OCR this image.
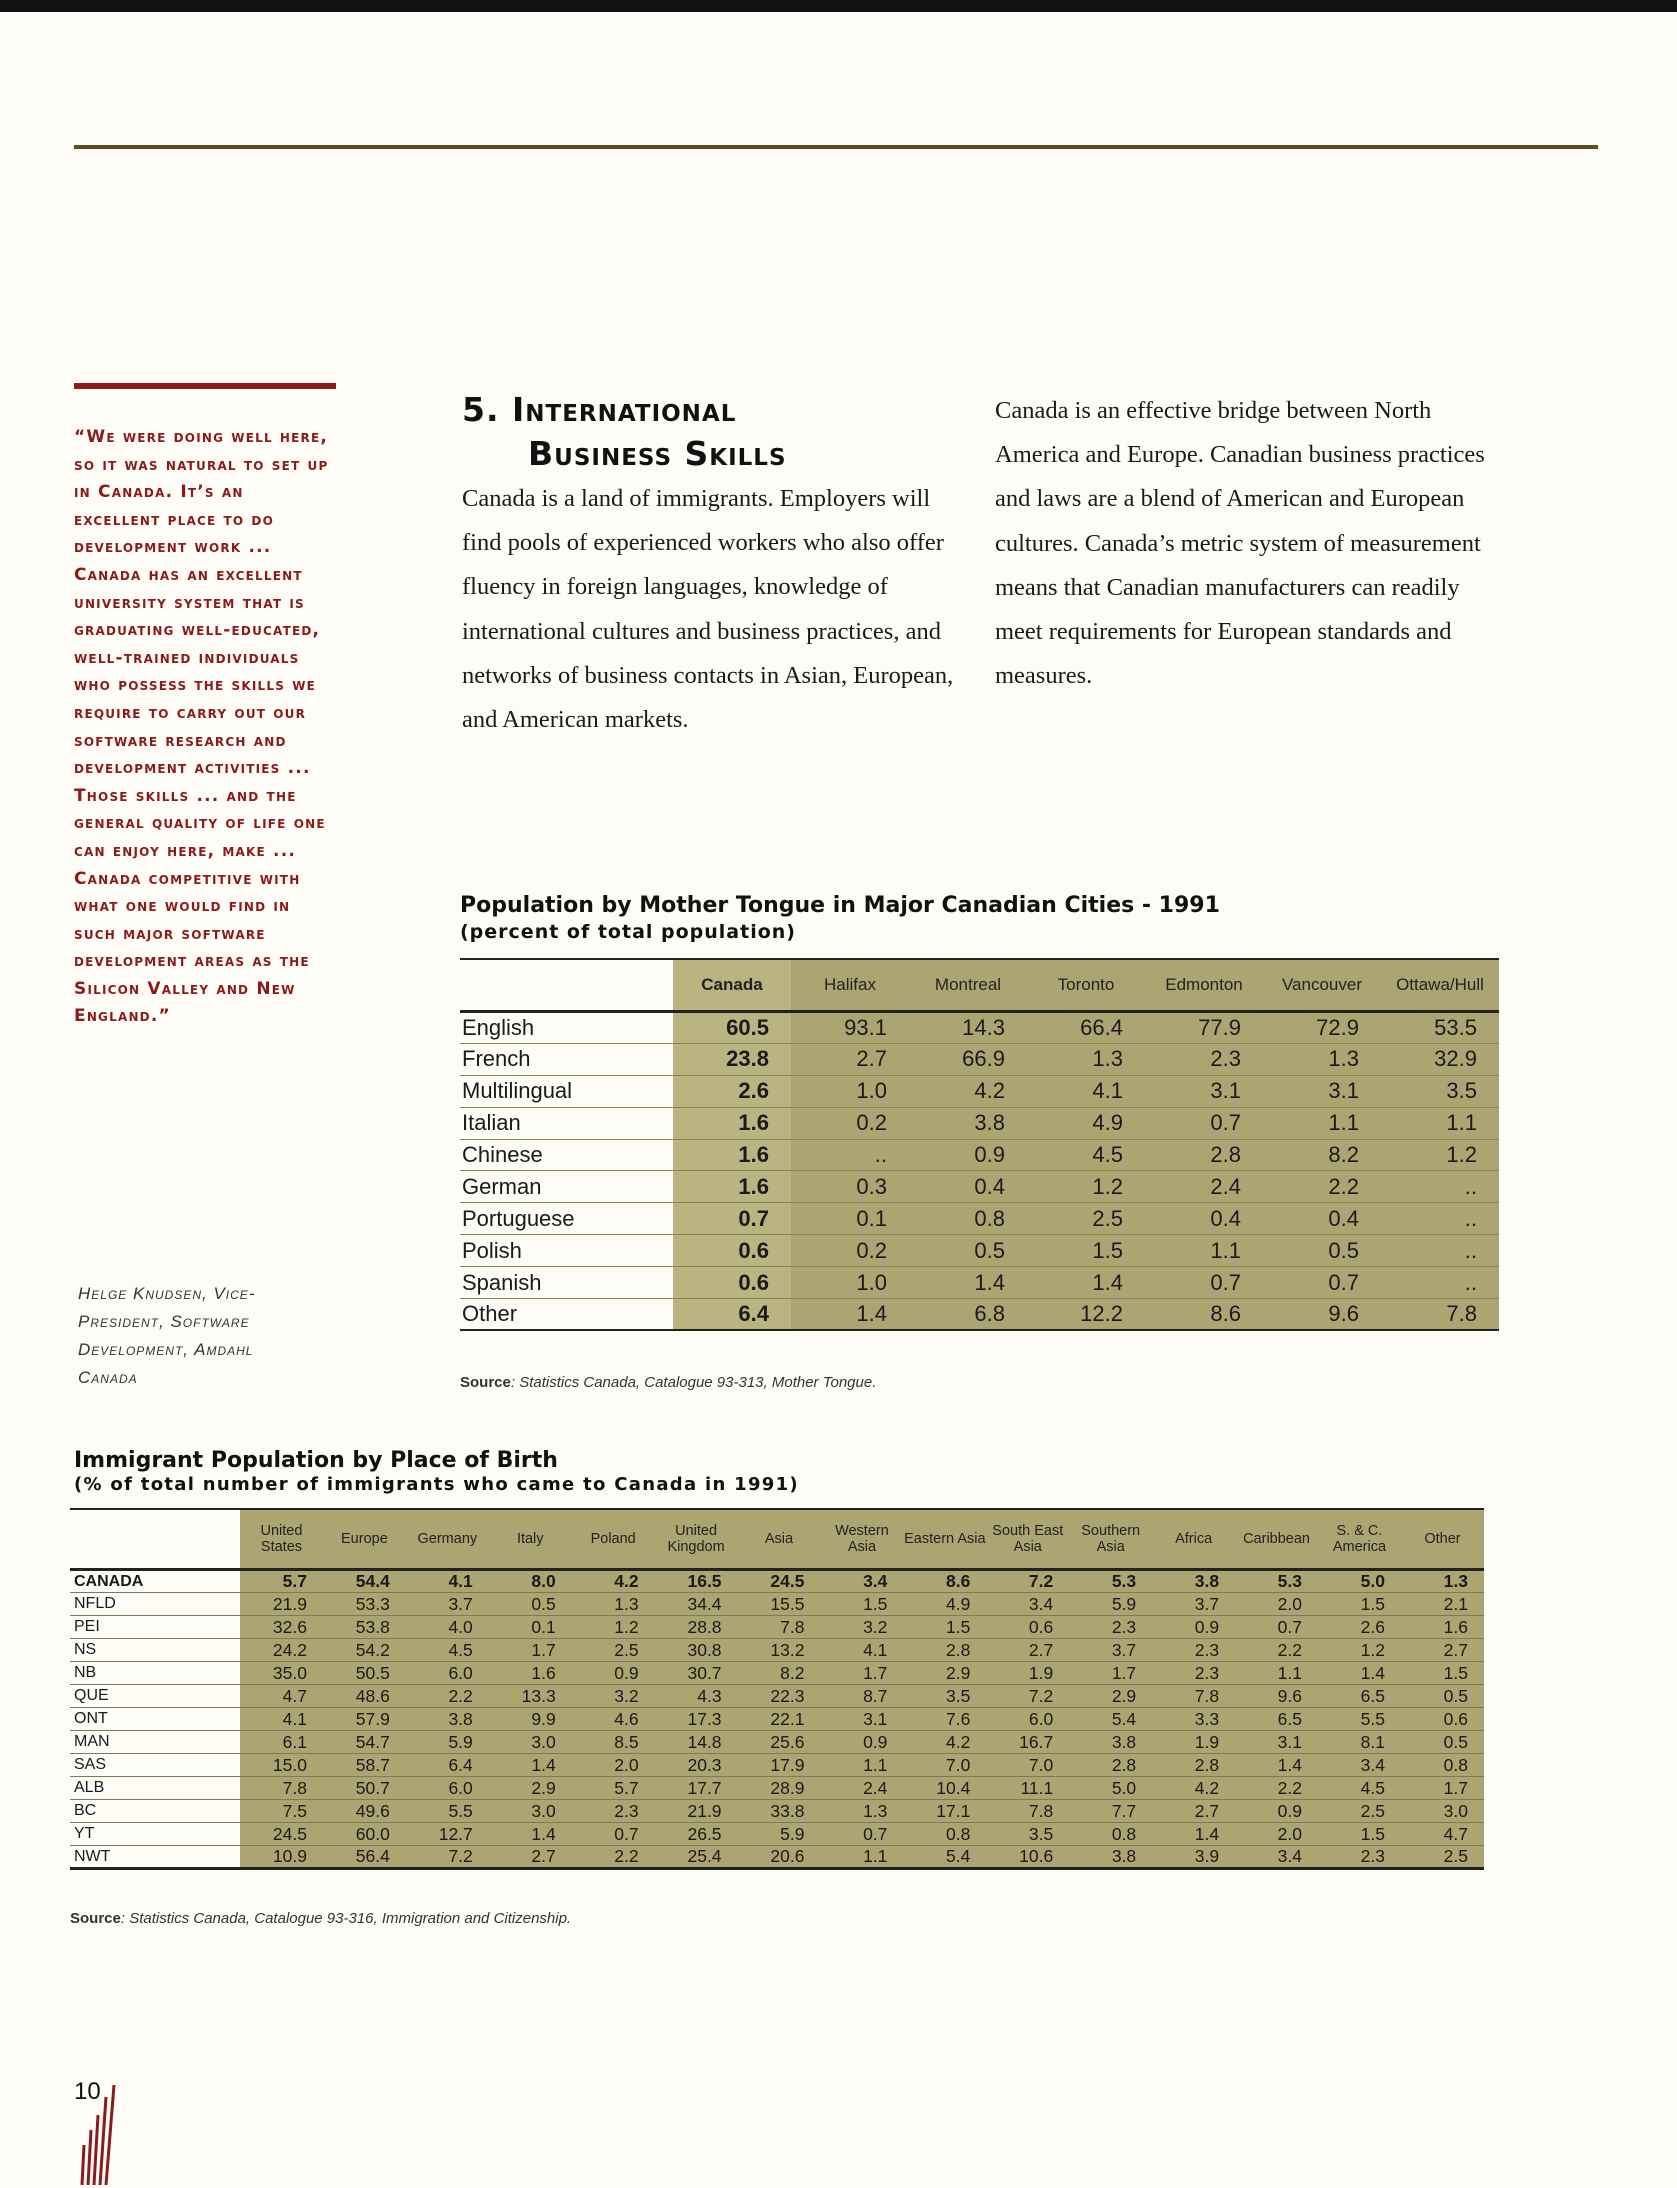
“We were doing well here, so it was natural to set up in Canada. It’s an excellent place to do development work ... Canada has an excellent university system that is graduating well-educated, well-trained individuals who possess the skills we require to carry out our software research and development activities ... Those skills ... and the general quality of life one can enjoy here, make ... Canada competitive with what one would find in such major software development areas as the Silicon Valley and New England.”

Helge Knudsen, Vice-President, Software Development, Amdahl Canada

5. International
Business Skills

Canada is a land of immigrants. Employers will find pools of experienced workers who also offer fluency in foreign languages, knowledge of international cultures and business practices, and networks of business contacts in Asian, European, and American markets.

Canada is an effective bridge between North America and Europe. Canadian business practices and laws are a blend of American and European cultures. Canada’s metric system of measurement means that Canadian manufacturers can readily meet requirements for European standards and measures.

Population by Mother Tongue in Major Canadian Cities - 1991

(percent of total population)

	Canada	Halifax	Montreal	Toronto	Edmonton	Vancouver	Ottawa/Hull
English	60.5	93.1	14.3	66.4	77.9	72.9	53.5
French	23.8	2.7	66.9	1.3	2.3	1.3	32.9
Multilingual	2.6	1.0	4.2	4.1	3.1	3.1	3.5
Italian	1.6	0.2	3.8	4.9	0.7	1.1	1.1
Chinese	1.6	..	0.9	4.5	2.8	8.2	1.2
German	1.6	0.3	0.4	1.2	2.4	2.2	..
Portuguese	0.7	0.1	0.8	2.5	0.4	0.4	..
Polish	0.6	0.2	0.5	1.5	1.1	0.5	..
Spanish	0.6	1.0	1.4	1.4	0.7	0.7	..
Other	6.4	1.4	6.8	12.2	8.6	9.6	7.8

Source: Statistics Canada, Catalogue 93-313, Mother Tongue.

Immigrant Population by Place of Birth

(% of total number of immigrants who came to Canada in 1991)

	United States	Europe	Germany	Italy	Poland	United Kingdom	Asia	Western Asia	Eastern Asia	South East Asia	Southern Asia	Africa	Caribbean	S. & C. America	Other
CANADA	5.7	54.4	4.1	8.0	4.2	16.5	24.5	3.4	8.6	7.2	5.3	3.8	5.3	5.0	1.3
NFLD	21.9	53.3	3.7	0.5	1.3	34.4	15.5	1.5	4.9	3.4	5.9	3.7	2.0	1.5	2.1
PEI	32.6	53.8	4.0	0.1	1.2	28.8	7.8	3.2	1.5	0.6	2.3	0.9	0.7	2.6	1.6
NS	24.2	54.2	4.5	1.7	2.5	30.8	13.2	4.1	2.8	2.7	3.7	2.3	2.2	1.2	2.7
NB	35.0	50.5	6.0	1.6	0.9	30.7	8.2	1.7	2.9	1.9	1.7	2.3	1.1	1.4	1.5
QUE	4.7	48.6	2.2	13.3	3.2	4.3	22.3	8.7	3.5	7.2	2.9	7.8	9.6	6.5	0.5
ONT	4.1	57.9	3.8	9.9	4.6	17.3	22.1	3.1	7.6	6.0	5.4	3.3	6.5	5.5	0.6
MAN	6.1	54.7	5.9	3.0	8.5	14.8	25.6	0.9	4.2	16.7	3.8	1.9	3.1	8.1	0.5
SAS	15.0	58.7	6.4	1.4	2.0	20.3	17.9	1.1	7.0	7.0	2.8	2.8	1.4	3.4	0.8
ALB	7.8	50.7	6.0	2.9	5.7	17.7	28.9	2.4	10.4	11.1	5.0	4.2	2.2	4.5	1.7
BC	7.5	49.6	5.5	3.0	2.3	21.9	33.8	1.3	17.1	7.8	7.7	2.7	0.9	2.5	3.0
YT	24.5	60.0	12.7	1.4	0.7	26.5	5.9	0.7	0.8	3.5	0.8	1.4	2.0	1.5	4.7
NWT	10.9	56.4	7.2	2.7	2.2	25.4	20.6	1.1	5.4	10.6	3.8	3.9	3.4	2.3	2.5

Source: Statistics Canada, Catalogue 93-316, Immigration and Citizenship.

10
